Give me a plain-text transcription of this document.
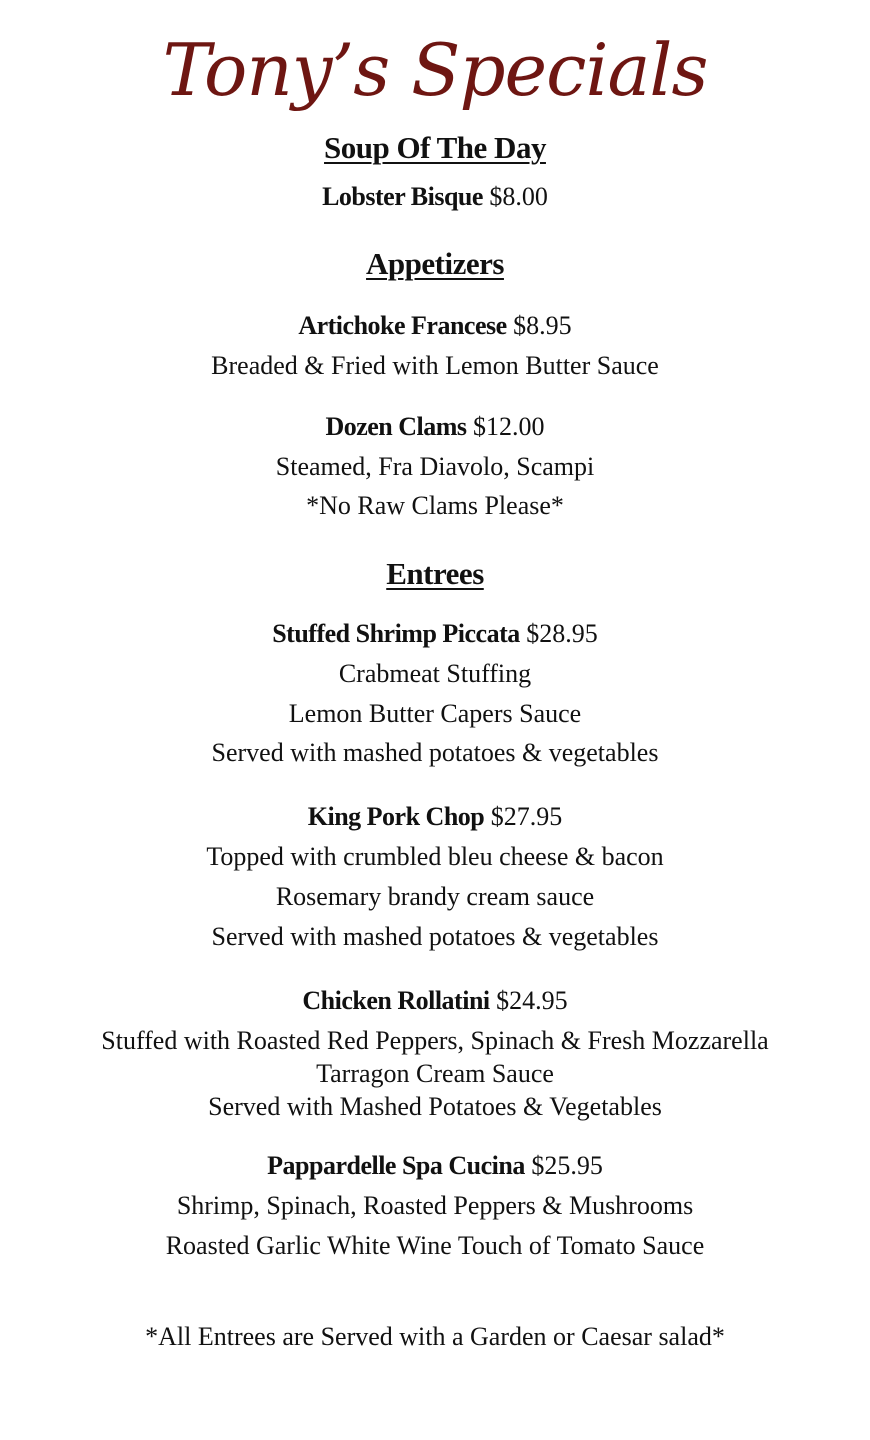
Tony’s Specials
Soup Of The Day
Lobster Bisque $8.00
Appetizers
Artichoke Francese $8.95
Breaded & Fried with Lemon Butter Sauce
Dozen Clams $12.00
Steamed, Fra Diavolo, Scampi
*No Raw Clams Please*
Entrees
Stuffed Shrimp Piccata $28.95
Crabmeat Stuffing
Lemon Butter Capers Sauce
Served with mashed potatoes & vegetables
King Pork Chop $27.95
Topped with crumbled bleu cheese & bacon
Rosemary brandy cream sauce
Served with mashed potatoes & vegetables
Chicken Rollatini $24.95
Stuffed with Roasted Red Peppers, Spinach & Fresh Mozzarella
Tarragon Cream Sauce
Served with Mashed Potatoes & Vegetables
Pappardelle Spa Cucina $25.95
Shrimp, Spinach, Roasted Peppers & Mushrooms
Roasted Garlic White Wine Touch of Tomato Sauce
*All Entrees are Served with a Garden or Caesar salad*
